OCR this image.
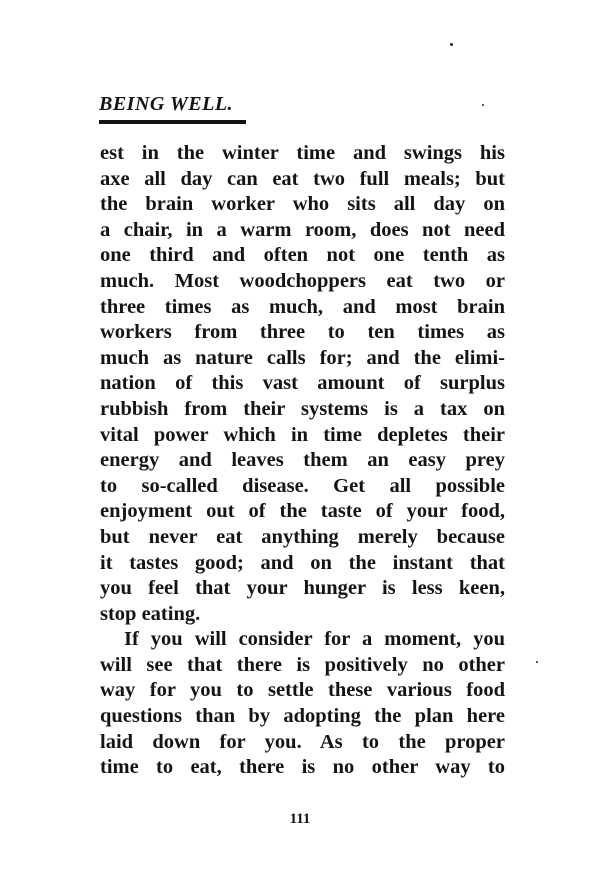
BEING WELL.
est in the winter time and swings his
axe all day can eat two full meals; but
the brain worker who sits all day on
a chair, in a warm room, does not need
one third and often not one tenth as
much. Most woodchoppers eat two or
three times as much, and most brain
workers from three to ten times as
much as nature calls for; and the elimi-
nation of this vast amount of surplus
rubbish from their systems is a tax on
vital power which in time depletes their
energy and leaves them an easy prey
to so-called disease. Get all possible
enjoyment out of the taste of your food,
but never eat anything merely because
it tastes good; and on the instant that
you feel that your hunger is less keen,
stop eating.
If you will consider for a moment, you
will see that there is positively no other
way for you to settle these various food
questions than by adopting the plan here
laid down for you. As to the proper
time to eat, there is no other way to
111
